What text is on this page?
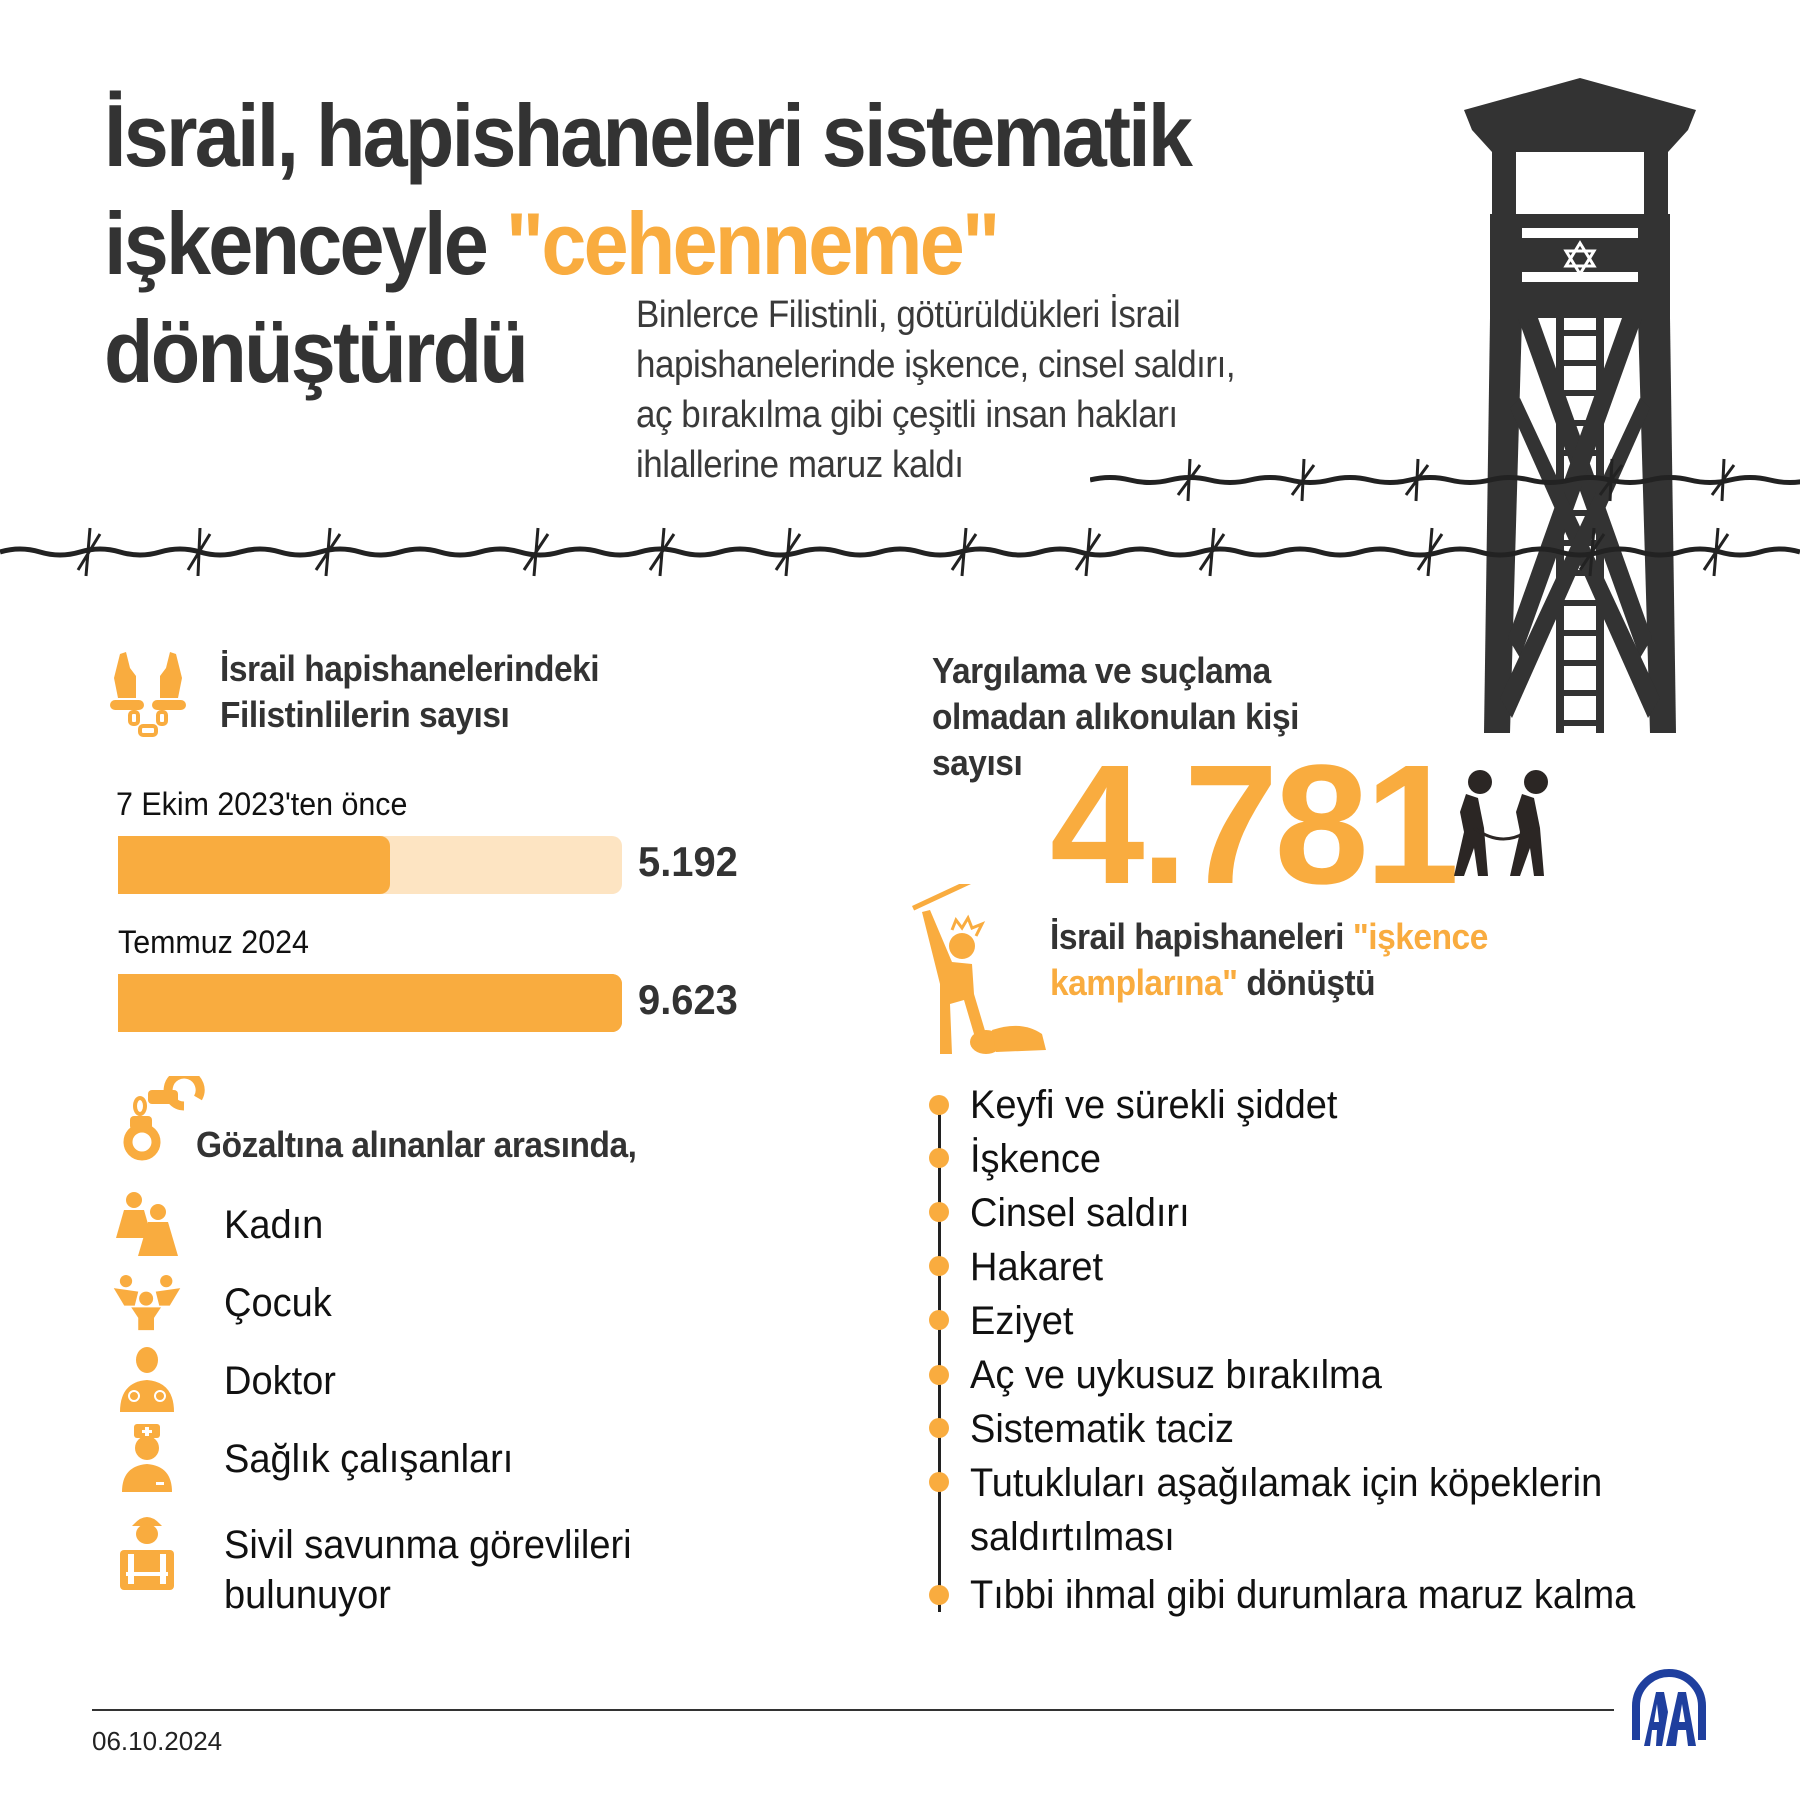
İsrail, hapishaneleri sistematik
işkenceyle "cehenneme"
dönüştürdü	Binlerce Filistinli, götürüldükleri İsrail
hapishanelerinde işkence, cinsel saldırı,
aç bırakılma gibi çeşitli insan hakları
ihlallerine maruz kaldı
İsrail hapishanelerindeki
Filistinlilerin sayısı
7 Ekim 2023'ten önce
5.192
Temmuz 2024
9.623
Gözaltına alınanlar arasında,
Kadın
Çocuk
Doktor
Sağlık çalışanları
Sivil savunma görevlileri
bulunuyor
Yargılama ve suçlama
olmadan alıkonulan kişi
sayısı 4.781
İsrail hapishaneleri "işkence
kamplarına" dönüştü
Keyfi ve sürekli şiddet
İşkence
Cinsel saldırı
Hakaret
Eziyet
Aç ve uykusuz bırakılma
Sistematik taciz
Tutukluları aşağılamak için köpeklerin
saldırtılması
Tıbbi ihmal gibi durumlara maruz kalma
06.10.2024
